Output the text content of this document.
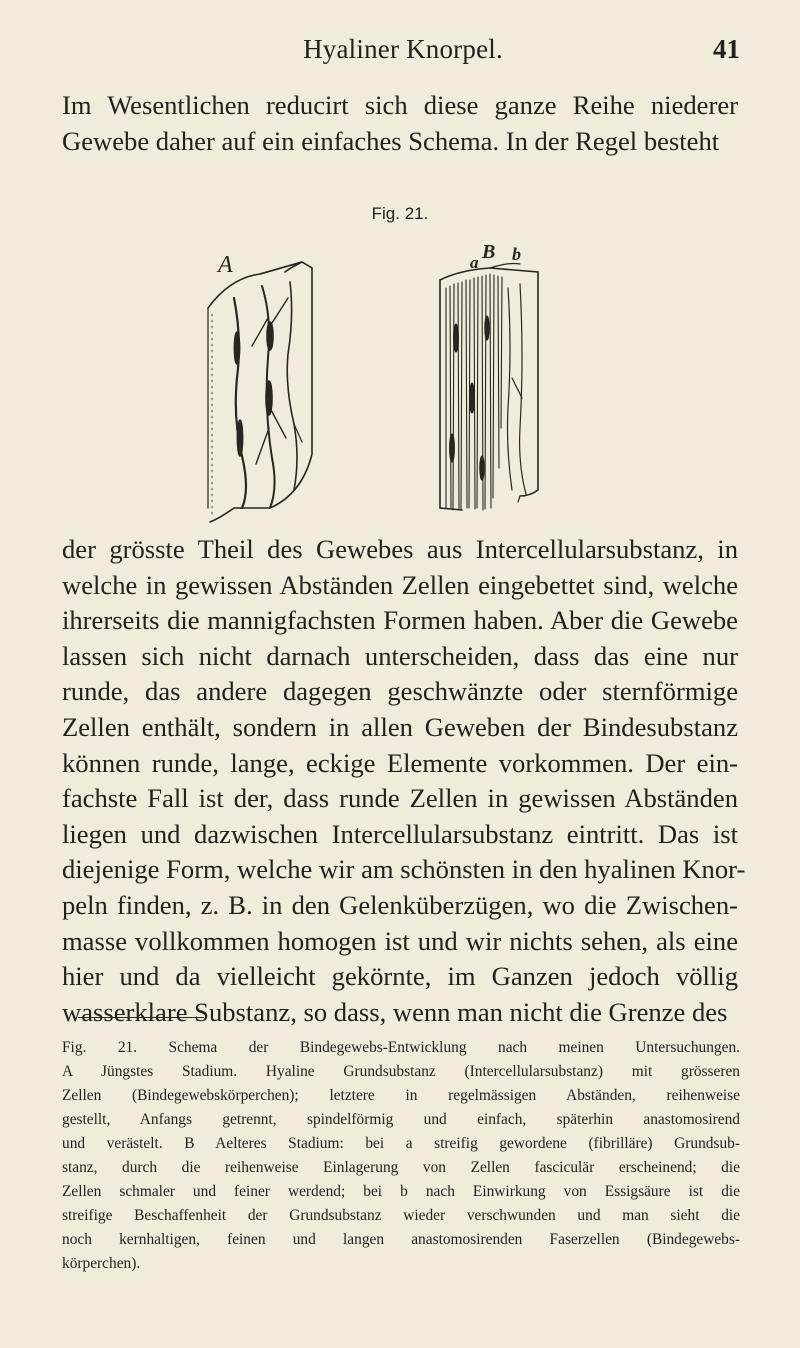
Hyaliner Knorpel.	41
Im Wesentlichen reducirt sich diese ganze Reihe niederer
Gewebe daher auf ein einfaches Schema. In der Regel besteht
Fig. 21.
A	B
a b
der grösste Theil des Gewebes aus Intercellularsubstanz, in
welche in gewissen Abständen Zellen eingebettet sind, welche
ihrerseits die mannigfachsten Formen haben. Aber die Gewebe
lassen sich nicht darnach unterscheiden, dass das eine nur
runde, das andere dagegen geschwänzte oder sternförmige
Zellen enthält, sondern in allen Geweben der Bindesubstanz
können runde, lange, eckige Elemente vorkommen. Der ein-
fachste Fall ist der, dass runde Zellen in gewissen Abständen
liegen und dazwischen Intercellularsubstanz eintritt. Das ist
diejenige Form, welche wir am schönsten in den hyalinen Knor-
peln finden, z. B. in den Gelenküberzügen, wo die Zwischen-
masse vollkommen homogen ist und wir nichts sehen, als eine
hier und da vielleicht gekörnte, im Ganzen jedoch völlig
wasserklare Substanz, so dass, wenn man nicht die Grenze des
Fig. 21. Schema der Bindegewebs-Entwicklung nach meinen Untersuchungen.
A Jüngstes Stadium. Hyaline Grundsubstanz (Intercellularsubstanz) mit grösseren
Zellen (Bindegewebskörperchen); letztere in regelmässigen Abständen, reihenweise
gestellt, Anfangs getrennt, spindelförmig und einfach, späterhin anastomosirend
und verästelt. B Aelteres Stadium: bei a streifig gewordene (fibrilläre) Grundsub-
stanz, durch die reihenweise Einlagerung von Zellen fasciculär erscheinend; die
Zellen schmaler und feiner werdend; bei b nach Einwirkung von Essigsäure ist die
streifige Beschaffenheit der Grundsubstanz wieder verschwunden und man sieht die
noch kernhaltigen, feinen und langen anastomosirenden Faserzellen (Bindegewebs-
körperchen).
